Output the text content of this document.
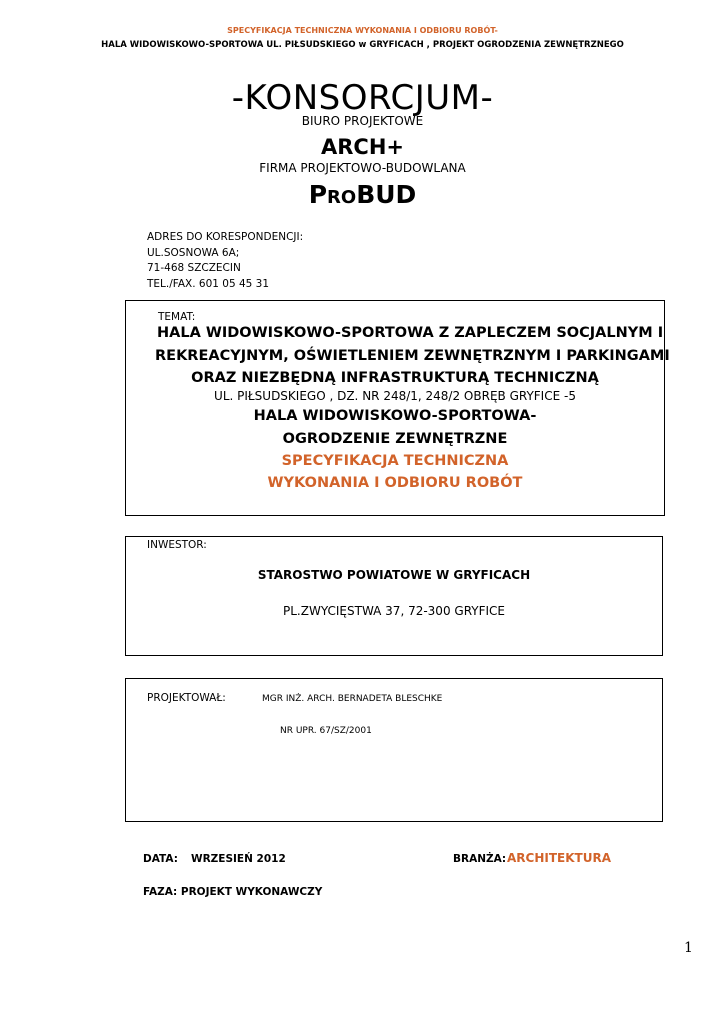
SPECYFIKACJA TECHNICZNA WYKONANIA I ODBIORU ROBÓT-
HALA WIDOWISKOWO-SPORTOWA UL. PIŁSUDSKIEGO w GRYFICACH , PROJEKT OGRODZENIA ZEWNĘTRZNEGO
-KONSORCJUM-
BIURO PROJEKTOWE
ARCH+
FIRMA PROJEKTOWO-BUDOWLANA
PROBUD
ADRES DO KORESPONDENCJI:
UL.SOSNOWA 6A;
71-468 SZCZECIN
TEL./FAX. 601 05 45 31
TEMAT:
HALA WIDOWISKOWO-SPORTOWA Z ZAPLECZEM SOCJALNYM I
REKREACYJNYM, OŚWIETLENIEM ZEWNĘTRZNYM I PARKINGAMI
ORAZ NIEZBĘDNĄ INFRASTRUKTURĄ TECHNICZNĄ
UL. PIŁSUDSKIEGO , DZ. NR 248/1, 248/2 OBRĘB GRYFICE -5
HALA WIDOWISKOWO-SPORTOWA-
OGRODZENIE ZEWNĘTRZNE
SPECYFIKACJA TECHNICZNA
WYKONANIA I ODBIORU ROBÓT
INWESTOR:
STAROSTWO POWIATOWE W GRYFICACH
PL.ZWYCIĘSTWA 37, 72-300 GRYFICE
PROJEKTOWAŁ:	MGR INŻ. ARCH. BERNADETA BLESCHKE
NR UPR. 67/SZ/2001
DATA: WRZESIEŃ 2012	BRANŻA: ARCHITEKTURA
FAZA: PROJEKT WYKONAWCZY
1
